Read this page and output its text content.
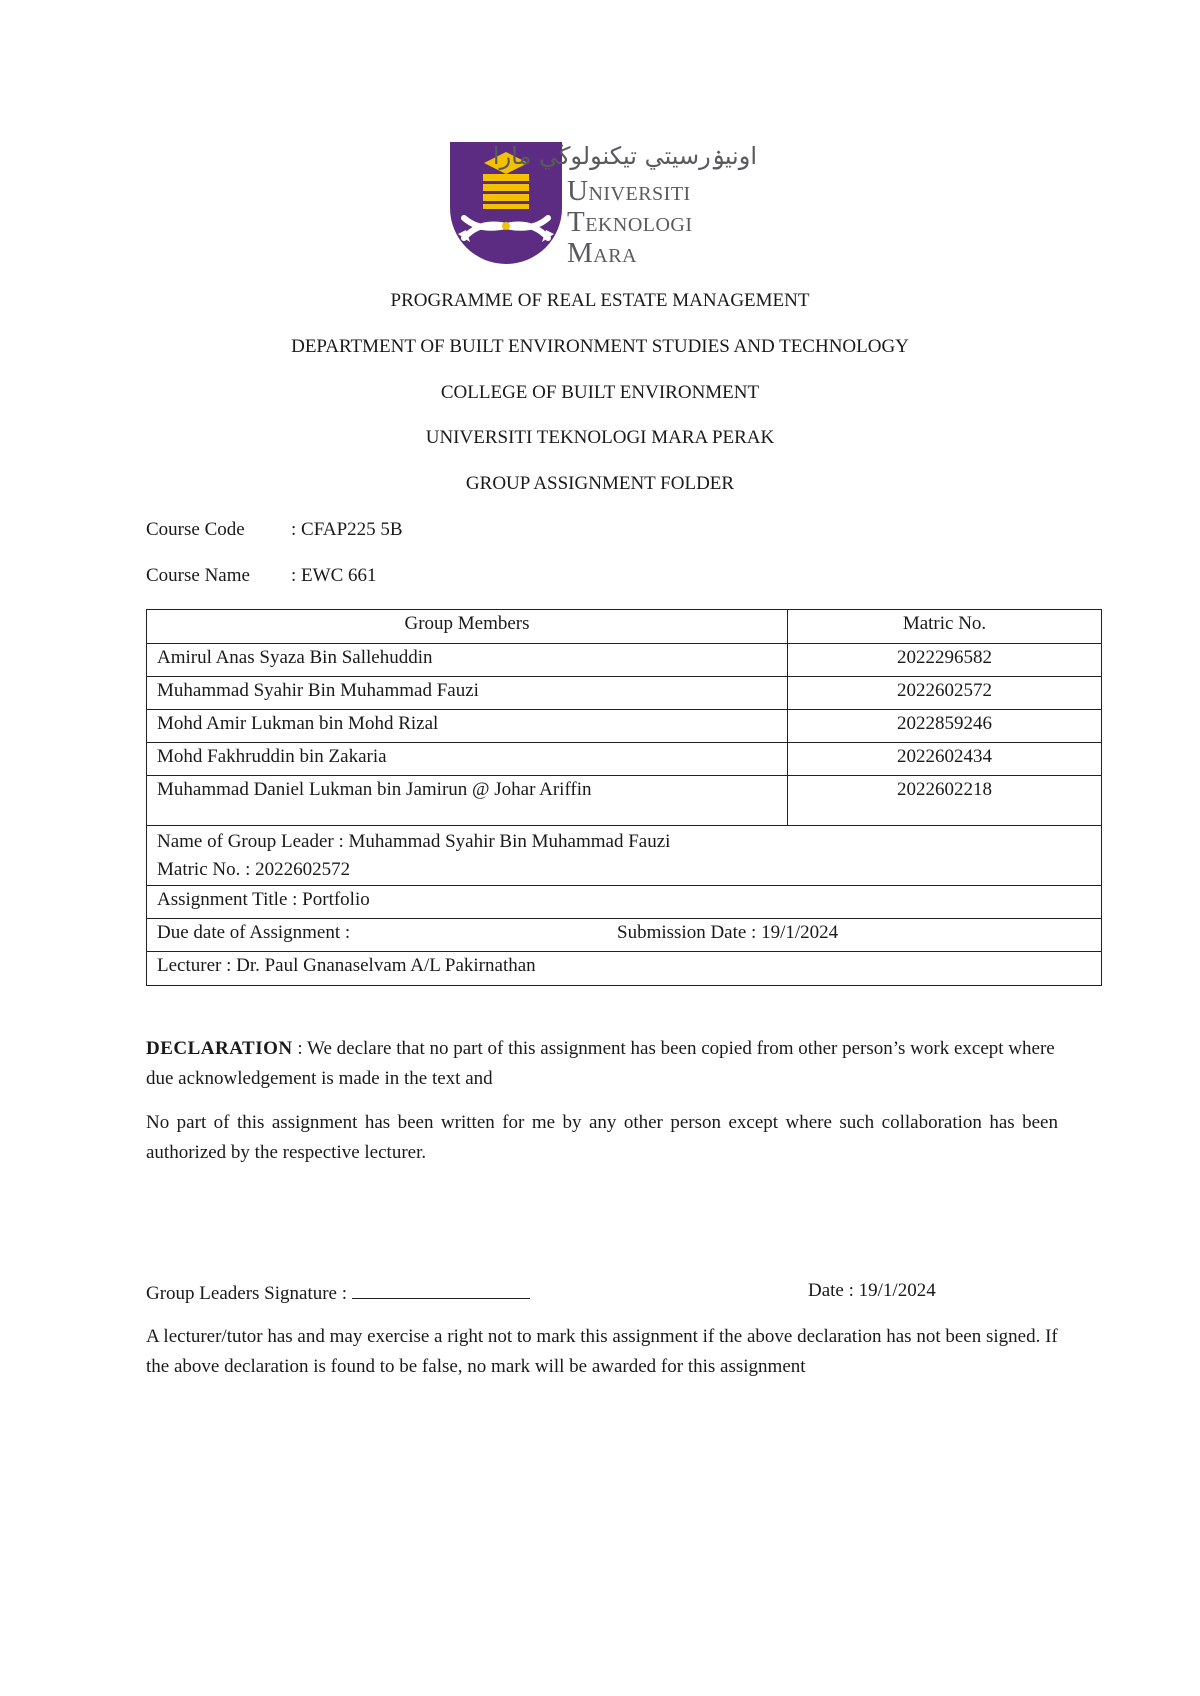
اونيۏرسيتي تيكنولوڬي مارا
Universiti
Teknologi
Mara
PROGRAMME OF REAL ESTATE MANAGEMENT
DEPARTMENT OF BUILT ENVIRONMENT STUDIES AND TECHNOLOGY
COLLEGE OF BUILT ENVIRONMENT
UNIVERSITI TEKNOLOGI MARA PERAK
GROUP ASSIGNMENT FOLDER
Course Code : CFAP225 5B
Course Name : EWC 661
Group Members	Matric No.
Amirul Anas Syaza Bin Sallehuddin	2022296582
Muhammad Syahir Bin Muhammad Fauzi	2022602572
Mohd Amir Lukman bin Mohd Rizal	2022859246
Mohd Fakhruddin bin Zakaria	2022602434
Muhammad Daniel Lukman bin Jamirun @ Johar Ariffin	2022602218

Name of Group Leader : Muhammad Syahir Bin Muhammad Fauzi
Matric No. : 2022602572	

Assignment Title : Portfolio	
Due date of Assignment : Submission Date : 19/1/2024	
Lecturer : Dr. Paul Gnanaselvam A/L Pakirnathan	
DECLARATION : We declare that no part of this assignment has been copied from other person’s work except where due acknowledgement is made in the text and
No part of this assignment has been written for me by any other person except where such collaboration has been authorized by the respective lecturer.
Group Leaders Signature :	Date : 19/1/2024
A lecturer/tutor has and may exercise a right not to mark this assignment if the above declaration has not been signed. If the above declaration is found to be false, no mark will be awarded for this assignment
